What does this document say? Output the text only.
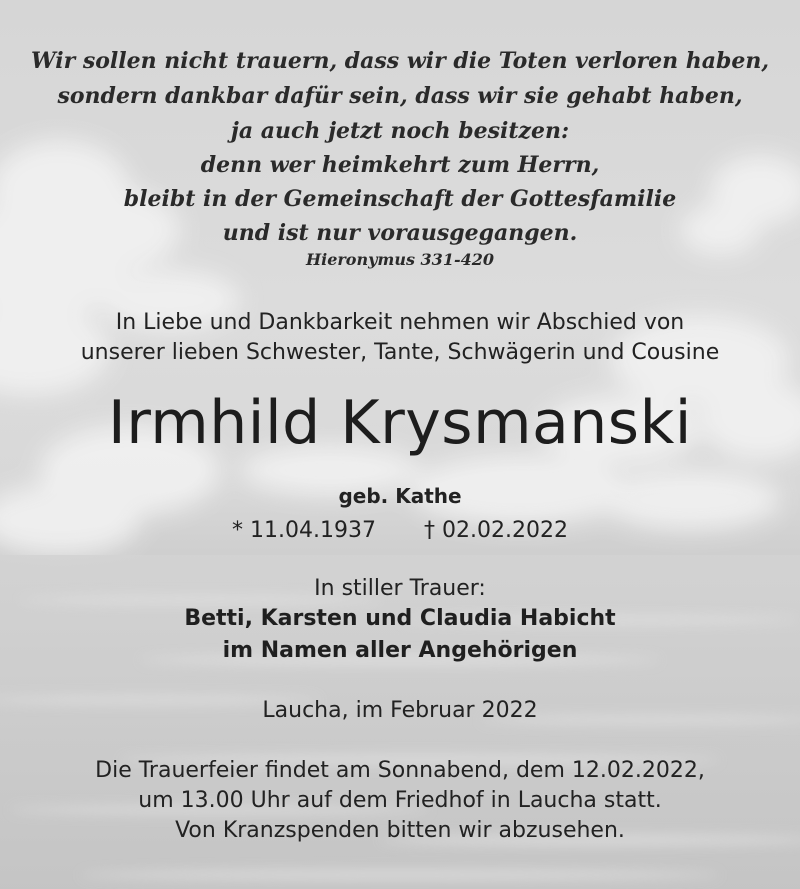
Wir sollen nicht trauern, dass wir die Toten verloren haben,
sondern dankbar dafür sein, dass wir sie gehabt haben,
ja auch jetzt noch besitzen:
denn wer heimkehrt zum Herrn,
bleibt in der Gemeinschaft der Gottesfamilie
und ist nur vorausgegangen.
Hieronymus 331-420
In Liebe und Dankbarkeit nehmen wir Abschied von
unserer lieben Schwester, Tante, Schwägerin und Cousine
Irmhild Krysmanski
geb. Kathe
* 11.04.1937 † 02.02.2022
In stiller Trauer:
Betti, Karsten und Claudia Habicht
im Namen aller Angehörigen
Laucha, im Februar 2022
Die Trauerfeier findet am Sonnabend, dem 12.02.2022,
um 13.00 Uhr auf dem Friedhof in Laucha statt.
Von Kranzspenden bitten wir abzusehen.
